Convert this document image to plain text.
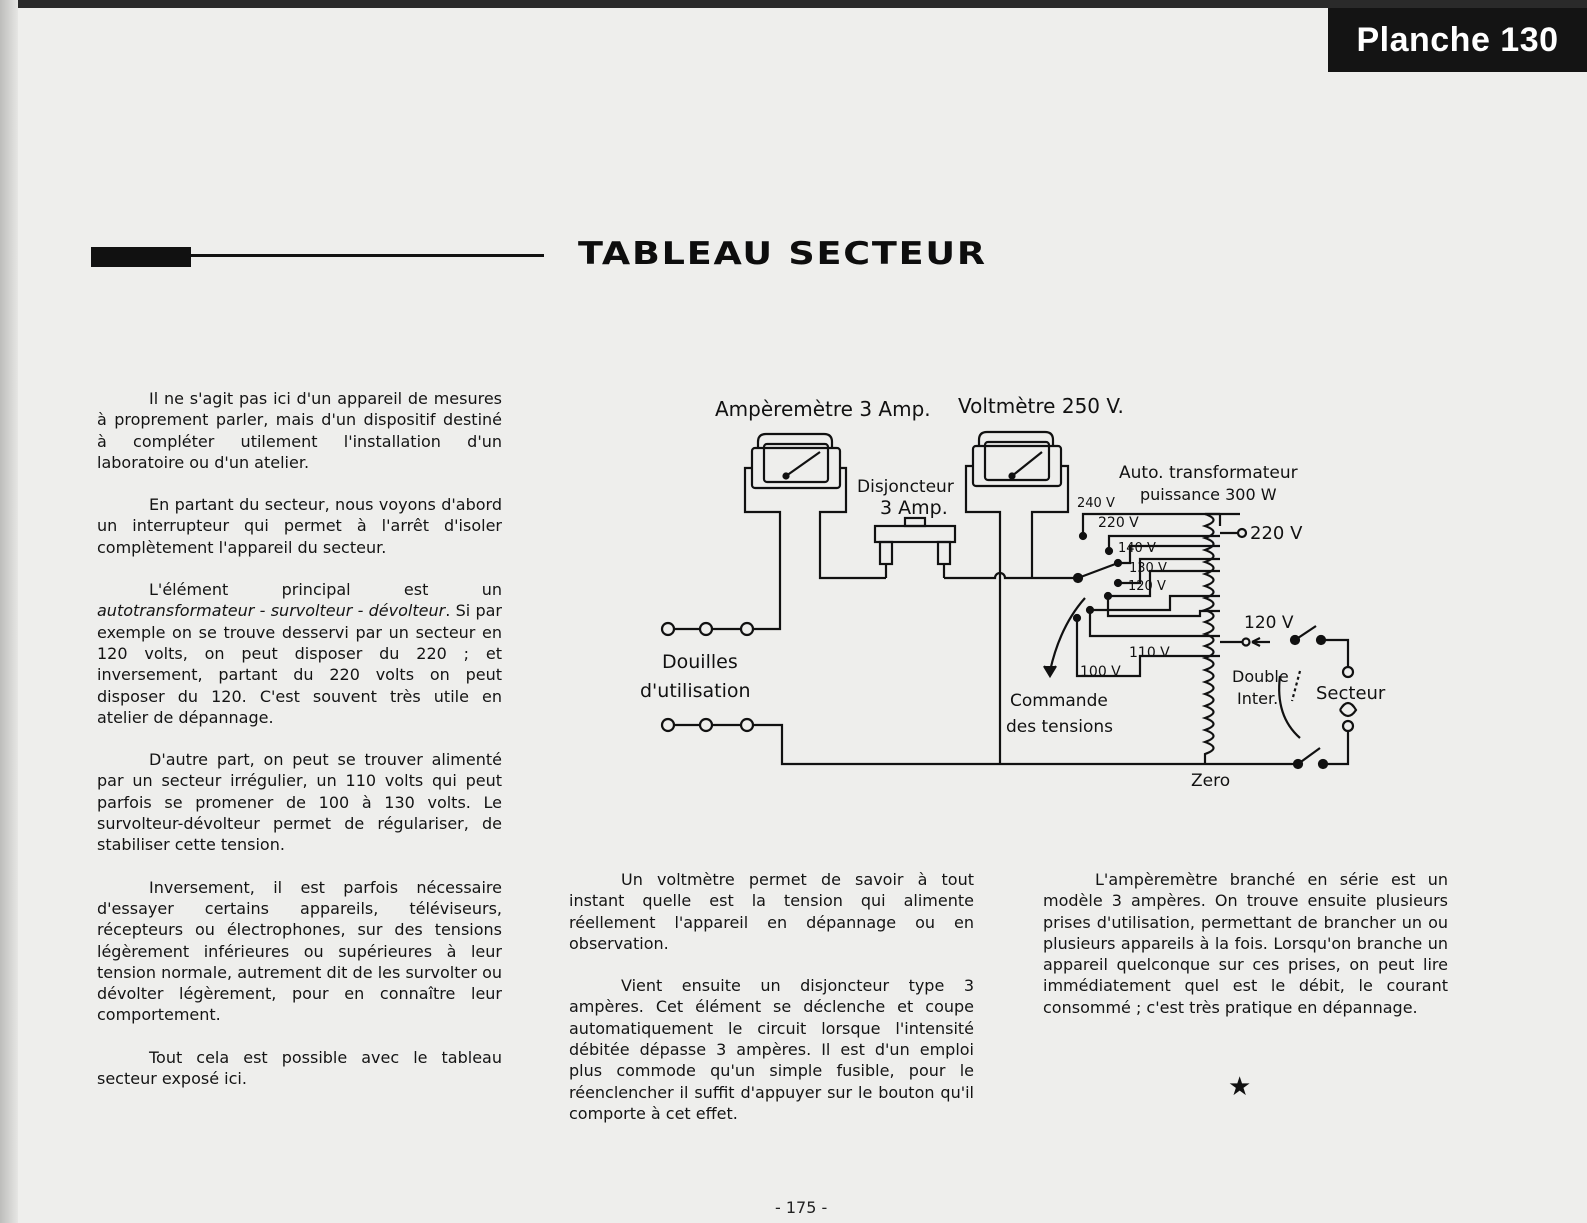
Planche 130
TABLEAU SECTEUR

Il ne s'agit pas ici d'un appareil de mesures à proprement parler, mais d'un dispositif destiné à compléter utilement l'installation d'un laboratoire ou d'un atelier.

En partant du secteur, nous voyons d'abord un interrupteur qui permet à l'arrêt d'isoler complètement l'appareil du secteur.

L'élément principal est un autotransformateur - survolteur - dévolteur. Si par exemple on se trouve desservi par un secteur en 120 volts, on peut disposer du 220 ; et inversement, partant du 220 volts on peut disposer du 120. C'est souvent très utile en atelier de dépannage.

D'autre part, on peut se trouver alimenté par un secteur irrégulier, un 110 volts qui peut parfois se promener de 100 à 130 volts. Le survolteur-dévolteur permet de régulariser, de stabiliser cette tension.

Inversement, il est parfois nécessaire d'essayer certains appareils, téléviseurs, récepteurs ou électrophones, sur des tensions légèrement inférieures ou supérieures à leur tension normale, autrement dit de les survolter ou dévolter légèrement, pour en connaître leur comportement.

Tout cela est possible avec le tableau secteur exposé ici.

Un voltmètre permet de savoir à tout instant quelle est la tension qui alimente réellement l'appareil en dépannage ou en observation.

Vient ensuite un disjoncteur type 3 ampères. Cet élément se déclenche et coupe automatiquement le circuit lorsque l'intensité débitée dépasse 3 ampères. Il est d'un emploi plus commode qu'un simple fusible, pour le réenclencher il suffit d'appuyer sur le bouton qu'il comporte à cet effet.

L'ampèremètre branché en série est un modèle 3 ampères. On trouve ensuite plusieurs prises d'utilisation, permettant de brancher un ou plusieurs appareils à la fois. Lorsqu'on branche un appareil quelconque sur ces prises, on peut lire immédiatement quel est le débit, le courant consommé ; c'est très pratique en dépannage.

★
Ampèremètre 3 Amp. Voltmètre 250 V.
Disjoncteur
3 Amp.
Auto. transformateur
puissance 300 W
240 V
220 V
140 V
130 V
120 V
110 V
100 V
220 V
120 V
Douilles
d'utilisation	Commande
des tensions
Double
Inter. Secteur
Zero
- 175 -
